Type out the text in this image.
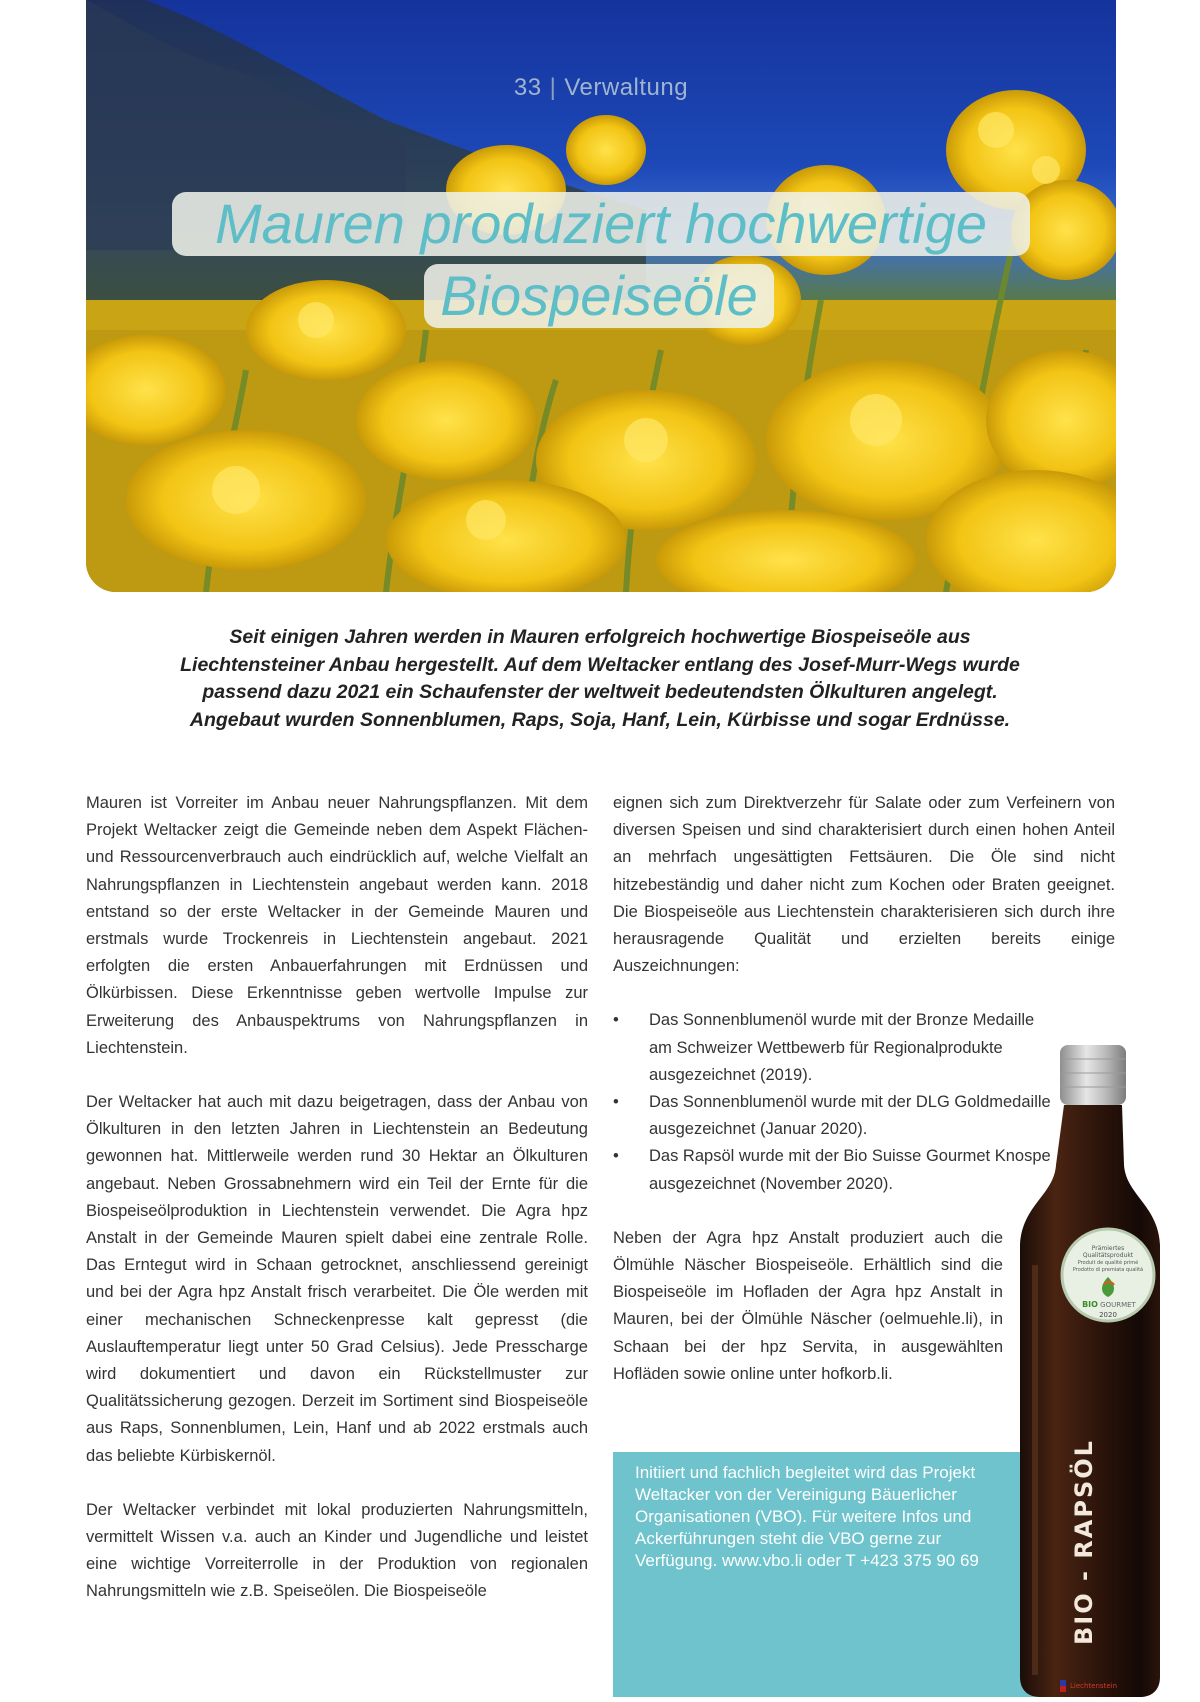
33 | Verwaltung
Mauren produziert hochwertige
Biospeiseöle
Seit einigen Jahren werden in Mauren erfolgreich hochwertige Biospeiseöle aus
Liechtensteiner Anbau hergestellt. Auf dem Weltacker entlang des Josef-Murr-Wegs wurde
passend dazu 2021 ein Schaufenster der weltweit bedeutendsten Ölkulturen angelegt.
Angebaut wurden Sonnenblumen, Raps, Soja, Hanf, Lein, Kürbisse und sogar Erdnüsse.

Mauren ist Vorreiter im Anbau neuer Nahrungspflanzen. Mit dem Projekt Weltacker zeigt die Gemeinde neben dem Aspekt Flächen- und Ressourcenverbrauch auch eindrücklich auf, welche Vielfalt an Nahrungspflanzen in Liechtenstein angebaut werden kann. 2018 entstand so der erste Weltacker in der Gemeinde Mauren und erstmals wurde Trockenreis in Liechtenstein angebaut. 2021 erfolgten die ersten Anbauerfahrungen mit Erdnüssen und Ölkürbissen. Diese Erkenntnisse geben wertvolle Impulse zur Erweiterung des Anbauspektrums von Nahrungspflanzen in Liechtenstein.

Der Weltacker hat auch mit dazu beigetragen, dass der Anbau von Ölkulturen in den letzten Jahren in Liechtenstein an Bedeutung gewonnen hat. Mittlerweile werden rund 30 Hektar an Ölkulturen angebaut. Neben Grossabnehmern wird ein Teil der Ernte für die Biospeiseölproduktion in Liechtenstein verwendet. Die Agra hpz Anstalt in der Gemeinde Mauren spielt dabei eine zentrale Rolle. Das Erntegut wird in Schaan getrocknet, anschliessend gereinigt und bei der Agra hpz Anstalt frisch verarbeitet. Die Öle werden mit einer mechanischen Schneckenpresse kalt gepresst (die Auslauftemperatur liegt unter 50 Grad Celsius). Jede Presscharge wird dokumentiert und davon ein Rückstellmuster zur Qualitätssicherung gezogen. Derzeit im Sortiment sind Biospeiseöle aus Raps, Sonnenblumen, Lein, Hanf und ab 2022 erstmals auch das beliebte Kürbiskernöl.

Der Weltacker verbindet mit lokal produzierten Nahrungsmitteln, vermittelt Wissen v.a. auch an Kinder und Jugendliche und leistet eine wichtige Vorreiterrolle in der Produktion von regionalen Nahrungsmitteln wie z.B. Speiseölen. Die Biospeiseöle

eignen sich zum Direktverzehr für Salate oder zum Verfeinern von diversen Speisen und sind charakterisiert durch einen hohen Anteil an mehrfach ungesättigten Fettsäuren. Die Öle sind nicht hitzebeständig und daher nicht zum Kochen oder Braten geeignet. Die Biospeiseöle aus Liechtenstein charakterisieren sich durch ihre herausragende Qualität und erzielten bereits einige Auszeichnungen:

• Das Sonnenblumenöl wurde mit der Bronze Medaille am Schweizer Wettbewerb für Regionalprodukte ausgezeichnet (2019).
• Das Sonnenblumenöl wurde mit der DLG Goldmedaille ausgezeichnet (Januar 2020).
• Das Rapsöl wurde mit der Bio Suisse Gourmet Knospe ausgezeichnet (November 2020).

Neben der Agra hpz Anstalt produziert auch die Ölmühle Näscher Biospeiseöle. Erhältlich sind die Biospeiseöle im Hofladen der Agra hpz Anstalt in Mauren, bei der Ölmühle Näscher (oelmuehle.li), in Schaan bei der hpz Servita, in ausgewählten Hofläden sowie online unter hofkorb.li.

Initiiert und fachlich begleitet wird das Projekt Weltacker von der Vereinigung Bäuerlicher Organisationen (VBO). Für weitere Infos und Ackerführungen steht die VBO gerne zur Verfügung. www.vbo.li oder T +423 375 90 69

Prämiertes
Qualitätsprodukt
Produit de qualité primé
Prodotto di premiata qualità
BIO GOURMET
2020
BIO - RAPSÖL
Liechtenstein
